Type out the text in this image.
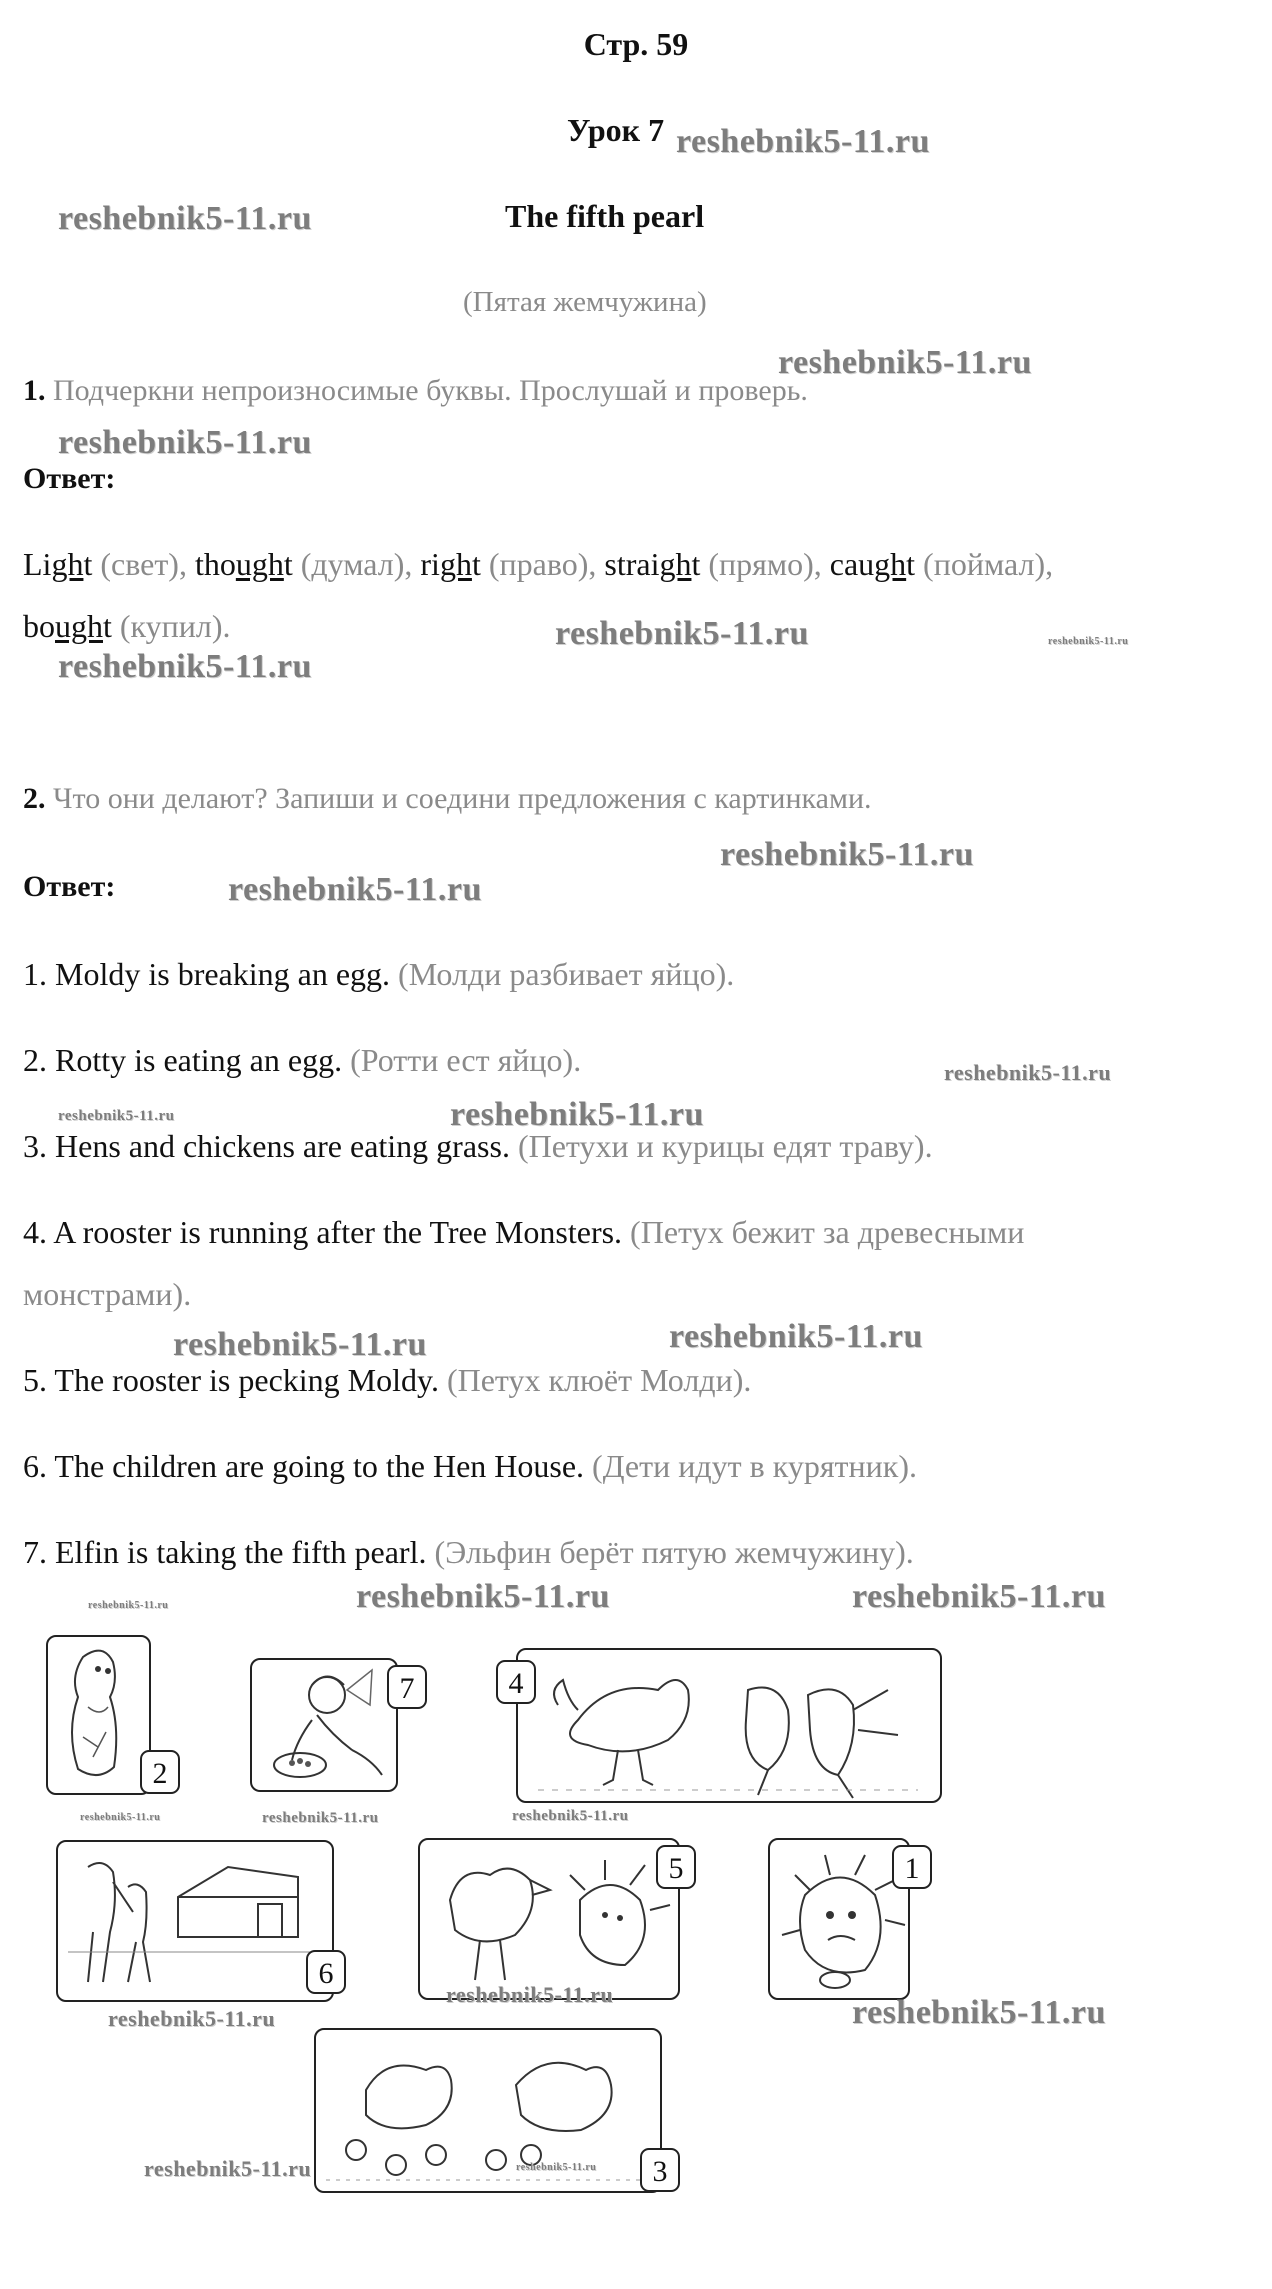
Стр. 59
Урок 7
The fifth pearl
(Пятая жемчужина)
1. Подчеркни непроизносимые буквы. Прослушай и проверь.
Ответ:
Light (свет), thought (думал), right (право), straight (прямо), caught (поймал),
bought (купил).
2. Что они делают? Запиши и соедини предложения с картинками.
Ответ:
1. Moldy is breaking an egg. (Молди разбивает яйцо).
2. Rotty is eating an egg. (Ротти ест яйцо).
3. Hens and chickens are eating grass. (Петухи и курицы едят траву).
4. A rooster is running after the Tree Monsters. (Петух бежит за древесными
монстрами).
5. The rooster is pecking Moldy. (Петух клюёт Молди).
6. The children are going to the Hen House. (Дети идут в курятник).
7. Elfin is taking the fifth pearl. (Эльфин берёт пятую жемчужину).
2
7	4
6
5	1
3
reshebnik5-11.ru
reshebnik5-11.ru
reshebnik5-11.ru
reshebnik5-11.ru
reshebnik5-11.ru	reshebnik5-11.ru
reshebnik5-11.ru
reshebnik5-11.ru
reshebnik5-11.ru
reshebnik5-11.ru
reshebnik5-11.ru	reshebnik5-11.ru
reshebnik5-11.ru	reshebnik5-11.ru
reshebnik5-11.ru	reshebnik5-11.ru	reshebnik5-11.ru
reshebnik5-11.ru	reshebnik5-11.ru	reshebnik5-11.ru
reshebnik5-11.ru
reshebnik5-11.ru	reshebnik5-11.ru
reshebnik5-11.ru	reshebnik5-11.ru
